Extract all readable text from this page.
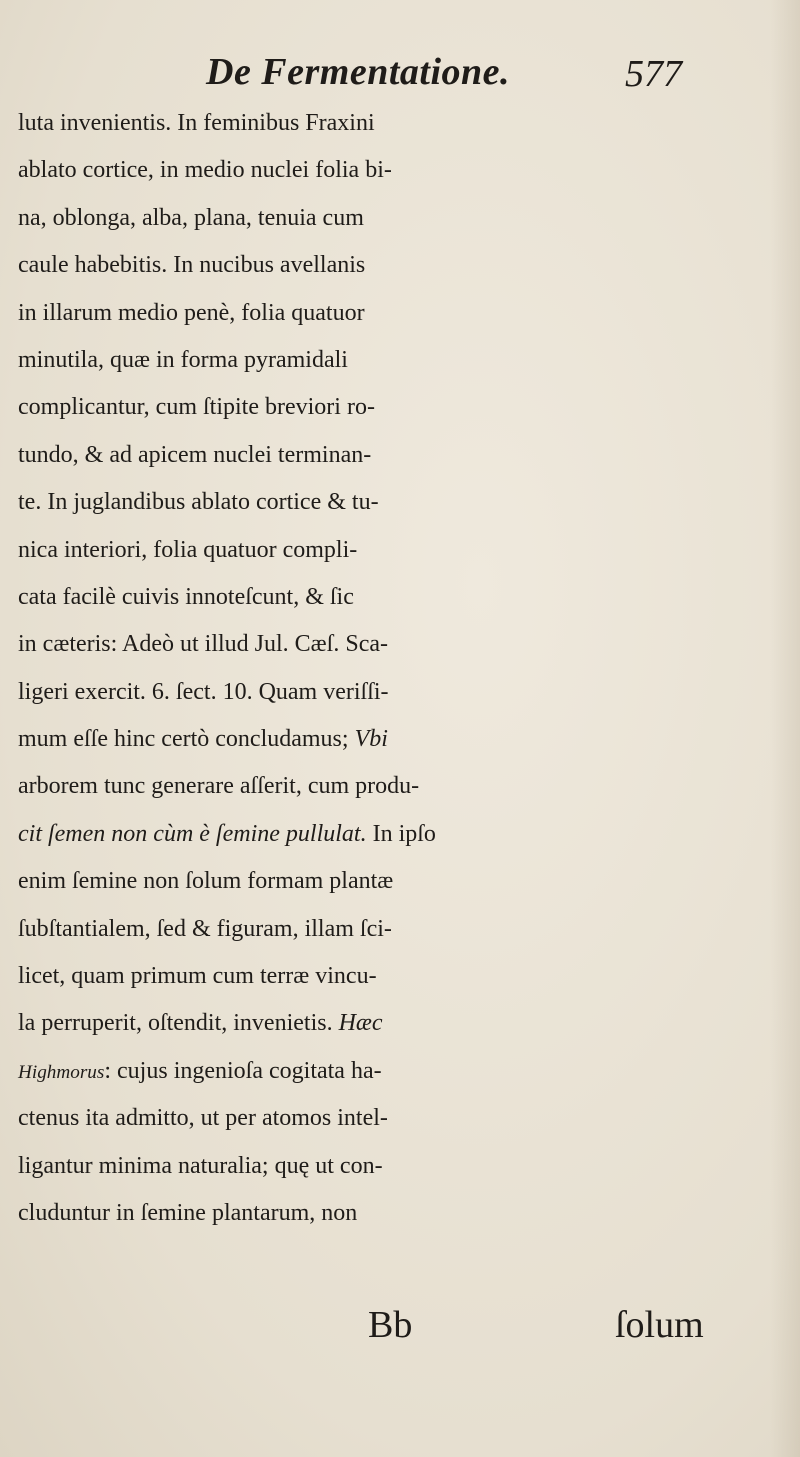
De Fermentatione.	577
luta invenientis. In feminibus Fraxini
ablato cortice, in medio nuclei folia bi-
na, oblonga, alba, plana, tenuia cum
caule habebitis. In nucibus avellanis
in illarum medio penè, folia quatuor
minutila, quæ in forma pyramidali
complicantur, cum ſtipite breviori ro-
tundo, & ad apicem nuclei terminan-
te. In juglandibus ablato cortice & tu-
nica interiori, folia quatuor compli-
cata facilè cuivis innoteſcunt, & ſic
in cæteris: Adeò ut illud Jul. Cæſ. Sca-
ligeri exercit. 6. ſect. 10. Quam veriſſi-
mum eſſe hinc certò concludamus; Vbi
arborem tunc generare aſſerit, cum produ-
cit ſemen non cùm è ſemine pullulat. In ipſo
enim ſemine non ſolum formam plantæ
ſubſtantialem, ſed & figuram, illam ſci-
licet, quam primum cum terræ vincu-
la perruperit, oſtendit, invenietis. Hæc
Highmorus: cujus ingenioſa cogitata ha-
ctenus ita admitto, ut per atomos intel-
ligantur minima naturalia; quę ut con-
cluduntur in ſemine plantarum, non
Bb	ſolum
